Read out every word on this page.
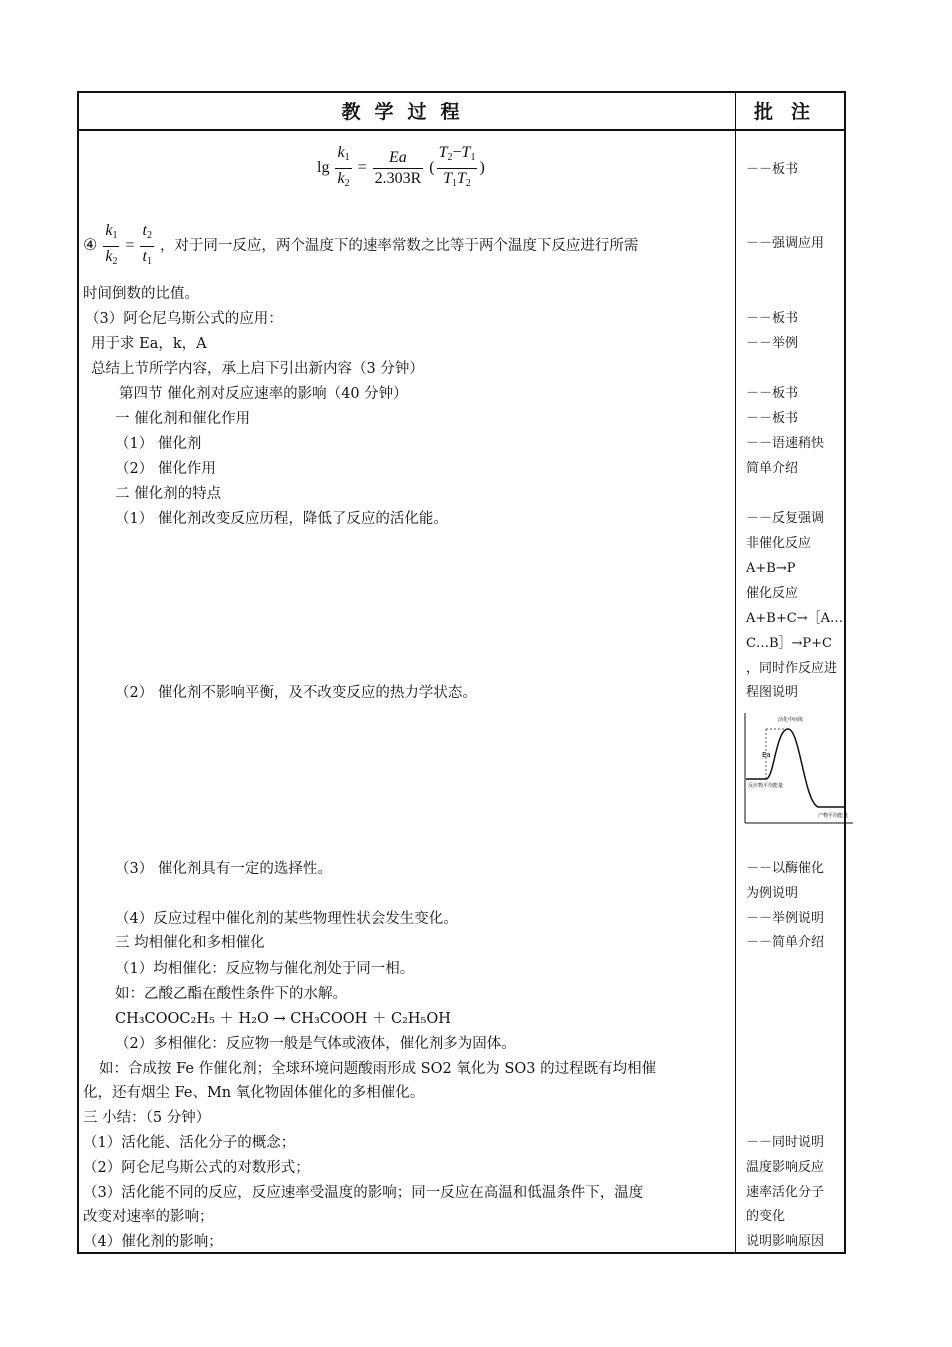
教学过程	批注
$\lg \frac{k_1}{k_2} = \frac{Ea}{2.303R}$ ( $\frac{T_2-T_1}{T_1T_2}$ )
④ $\frac{k_1}{k_2} = \frac{t_2}{t_1}$ ，对于同一反应，两个温度下的速率常数之比等于两个温度下反应进行所需
时间倒数的比值。
（3）阿仑尼乌斯公式的应用：
用于求 Ea，k，A
总结上节所学内容，承上启下引出新内容（3 分钟）
第四节 催化剂对反应速率的影响（40 分钟）
一 催化剂和催化作用
（1） 催化剂
（2） 催化作用
二 催化剂的特点
（1） 催化剂改变反应历程，降低了反应的活化能。
（2） 催化剂不影响平衡，及不改变反应的热力学状态。
（3） 催化剂具有一定的选择性。
（4）反应过程中催化剂的某些物理性状会发生变化。
三 均相催化和多相催化
（1）均相催化：反应物与催化剂处于同一相。
如：乙酸乙酯在酸性条件下的水解。
CH₃COOC₂H₅ ＋ H₂O → CH₃COOH ＋ C₂H₅OH
（2）多相催化：反应物一般是气体或液体，催化剂多为固体。
如：合成按 Fe 作催化剂；全球环境问题酸雨形成 SO2 氧化为 SO3 的过程既有均相催
化，还有烟尘 Fe、Mn 氧化物固体催化的多相催化。
三 小结：（5 分钟）
（1）活化能、活化分子的概念；
（2）阿仑尼乌斯公式的对数形式；
（3）活化能不同的反应，反应速率受温度的影响；同一反应在高温和低温条件下，温度
改变对速率的影响；
（4）催化剂的影响；
－－板书
－－强调应用
－－板书
－－举例
－－板书
－－板书
－－语速稍快
简单介绍
－－反复强调
非催化反应
A+B→P
催化反应
A+B+C→［A…
C…B］→P+C
，同时作反应进
程图说明
活化中间体
Ea
反应物平均能量
产物平均能量
－－以酶催化
为例说明
－－举例说明
－－简单介绍
－－同时说明
温度影响反应
速率活化分子
的变化
说明影响原因
